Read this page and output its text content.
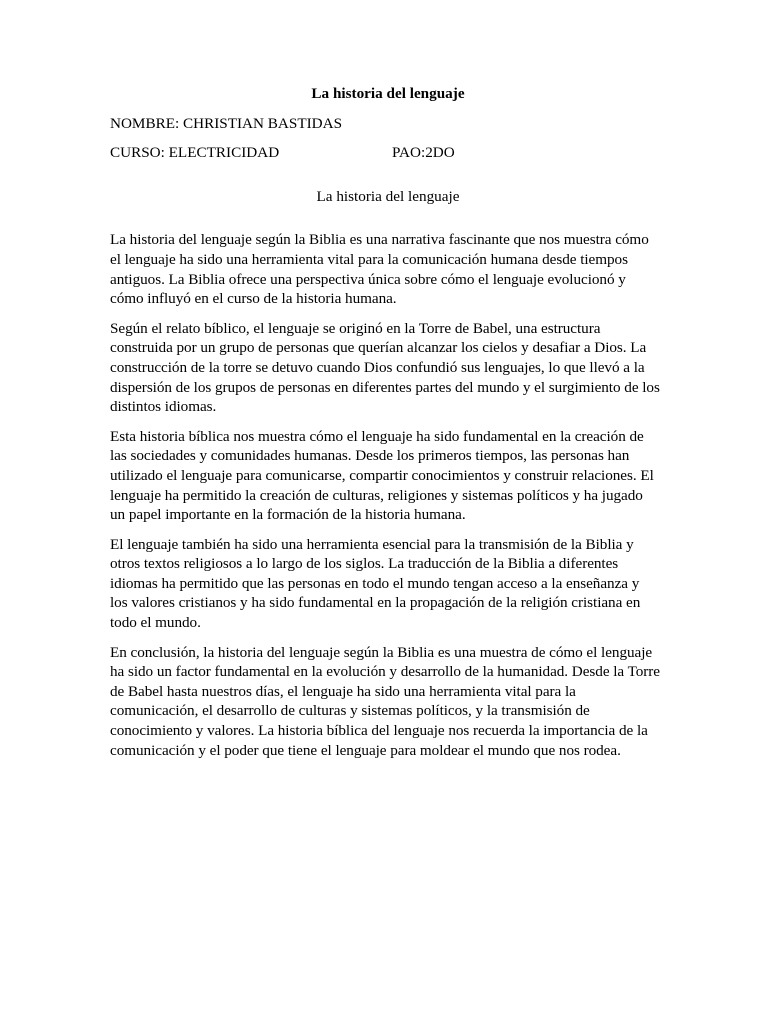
La historia del lenguaje
NOMBRE: CHRISTIAN BASTIDAS
CURSO: ELECTRICIDAD	PAO:2DO
La historia del lenguaje

La historia del lenguaje según la Biblia es una narrativa fascinante que nos muestra cómo el lenguaje ha sido una herramienta vital para la comunicación humana desde tiempos antiguos. La Biblia ofrece una perspectiva única sobre cómo el lenguaje evolucionó y cómo influyó en el curso de la historia humana.

Según el relato bíblico, el lenguaje se originó en la Torre de Babel, una estructura construida por un grupo de personas que querían alcanzar los cielos y desafiar a Dios. La construcción de la torre se detuvo cuando Dios confundió sus lenguajes, lo que llevó a la dispersión de los grupos de personas en diferentes partes del mundo y el surgimiento de los distintos idiomas.

Esta historia bíblica nos muestra cómo el lenguaje ha sido fundamental en la creación de las sociedades y comunidades humanas. Desde los primeros tiempos, las personas han utilizado el lenguaje para comunicarse, compartir conocimientos y construir relaciones. El lenguaje ha permitido la creación de culturas, religiones y sistemas políticos y ha jugado un papel importante en la formación de la historia humana.

El lenguaje también ha sido una herramienta esencial para la transmisión de la Biblia y otros textos religiosos a lo largo de los siglos. La traducción de la Biblia a diferentes idiomas ha permitido que las personas en todo el mundo tengan acceso a la enseñanza y los valores cristianos y ha sido fundamental en la propagación de la religión cristiana en todo el mundo.

En conclusión, la historia del lenguaje según la Biblia es una muestra de cómo el lenguaje ha sido un factor fundamental en la evolución y desarrollo de la humanidad. Desde la Torre de Babel hasta nuestros días, el lenguaje ha sido una herramienta vital para la comunicación, el desarrollo de culturas y sistemas políticos, y la transmisión de conocimiento y valores. La historia bíblica del lenguaje nos recuerda la importancia de la comunicación y el poder que tiene el lenguaje para moldear el mundo que nos rodea.
